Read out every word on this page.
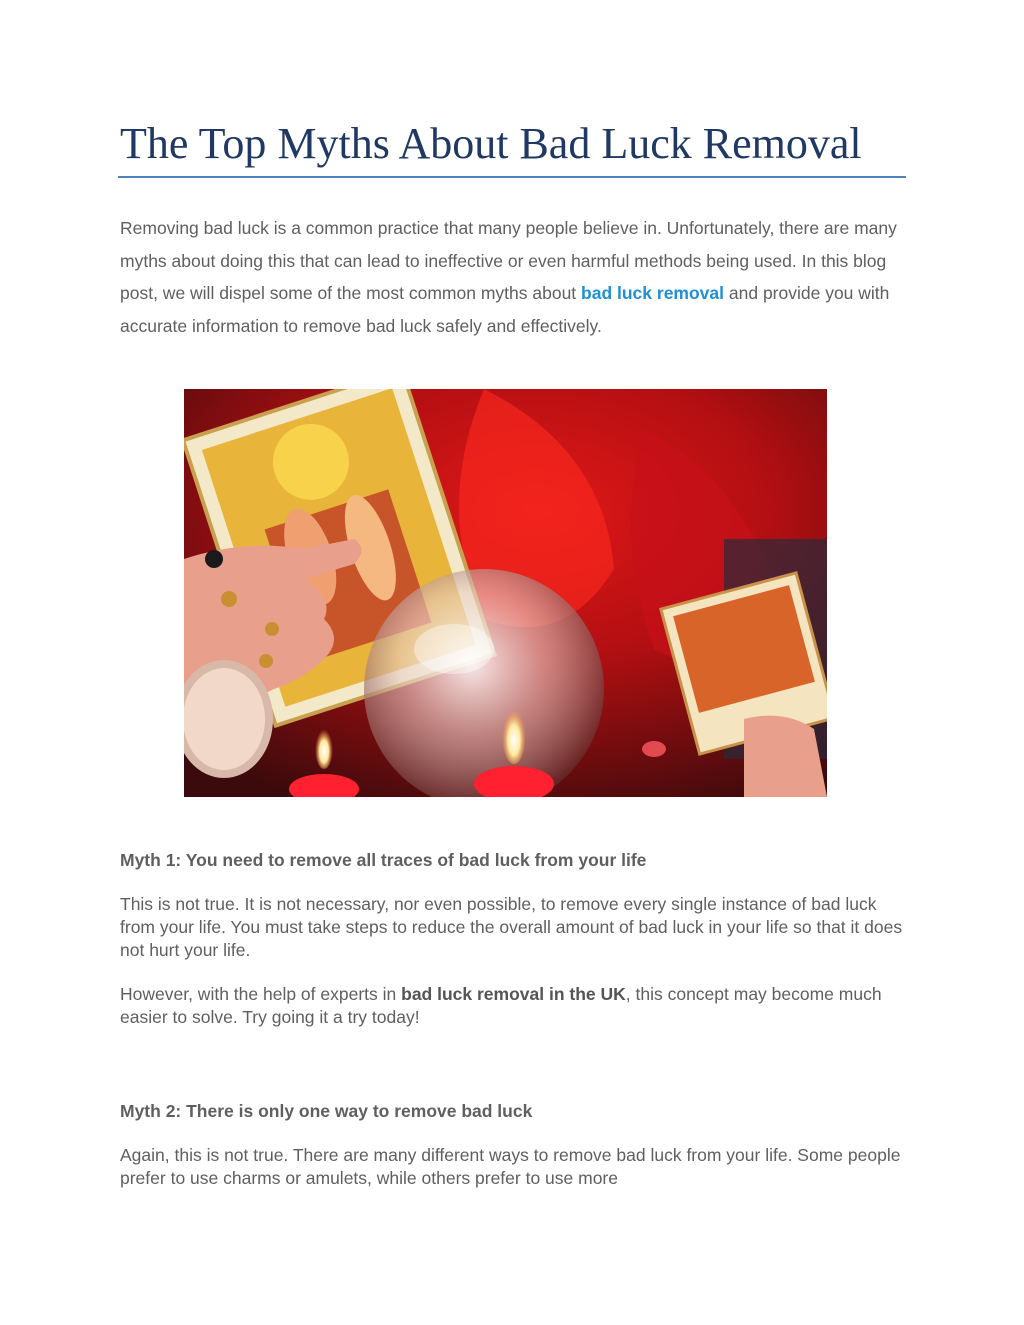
The Top Myths About Bad Luck Removal

Removing bad luck is a common practice that many people believe in. Unfortunately, there are many myths about doing this that can lead to ineffective or even harmful methods being used. In this blog post, we will dispel some of the most common myths about bad luck removal and provide you with accurate information to remove bad luck safely and effectively.

Myth 1: You need to remove all traces of bad luck from your life

This is not true. It is not necessary, nor even possible, to remove every single instance of bad luck from your life. You must take steps to reduce the overall amount of bad luck in your life so that it does not hurt your life.

However, with the help of experts in bad luck removal in the UK, this concept may become much easier to solve. Try going it a try today!

Myth 2: There is only one way to remove bad luck

Again, this is not true. There are many different ways to remove bad luck from your life. Some people prefer to use charms or amulets, while others prefer to use more
